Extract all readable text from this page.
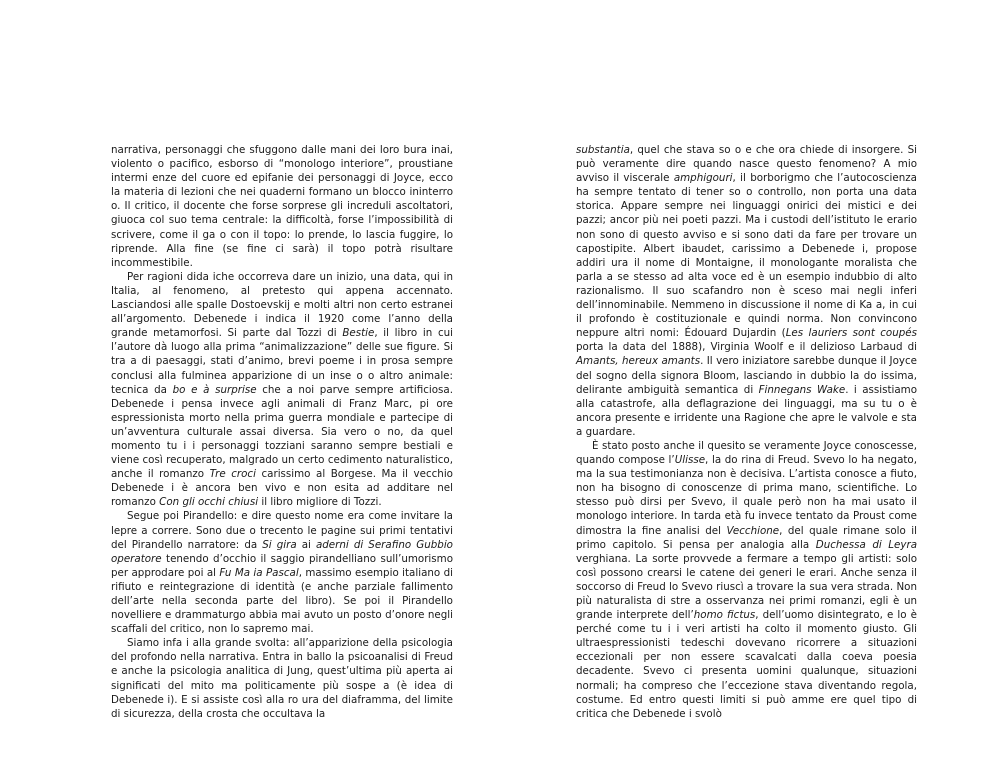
narrativa, personaggi che sfuggono dalle mani dei loro bura inai, violento o pacifico, esborso di “monologo interiore”, proustiane intermi enze del cuore ed epifanie dei personaggi di Joyce, ecco la materia di lezioni che nei quaderni formano un blocco ininterro o. Il critico, il docente che forse sorprese gli increduli ascoltatori, giuoca col suo tema centrale: la difficoltà, forse l’impossibilità di scrivere, come il ga o con il topo: lo prende, lo lascia fuggire, lo riprende. Alla fine (se fine ci sarà) il topo potrà risultare incommestibile.

Per ragioni dida iche occorreva dare un inizio, una data, qui in Italia, al fenomeno, al pretesto qui appena accennato. Lasciandosi alle spalle Dostoevskij e molti altri non certo estranei all’argomento. Debenede i indica il 1920 come l’anno della grande metamorfosi. Si parte dal Tozzi di Bestie, il libro in cui l’autore dà luogo alla prima “animalizzazione” delle sue figure. Si tra a di paesaggi, stati d’animo, brevi poeme i in prosa sempre conclusi alla fulminea apparizione di un inse o o altro animale: tecnica da bo e à surprise che a noi parve sempre artificiosa. Debenede i pensa invece agli animali di Franz Marc, pi ore espressionista morto nella prima guerra mondiale e partecipe di un’avventura culturale assai diversa. Sia vero o no, da quel momento tu i i personaggi tozziani saranno sempre bestiali e viene così recuperato, malgrado un certo cedimento naturalistico, anche il romanzo Tre croci carissimo al Borgese. Ma il vecchio Debenede i è ancora ben vivo e non esita ad additare nel romanzo Con gli occhi chiusi il libro migliore di Tozzi.

Segue poi Pirandello: e dire questo nome era come invitare la lepre a correre. Sono due o trecento le pagine sui primi tentativi del Pirandello narratore: da Si gira ai aderni di Serafino Gubbio operatore tenendo d’occhio il saggio pirandelliano sull’umorismo per approdare poi al Fu Ma ia Pascal, massimo esempio italiano di rifiuto e reintegrazione di identità (e anche parziale fallimento dell’arte nella seconda parte del libro). Se poi il Pirandello novelliere e drammaturgo abbia mai avuto un posto d’onore negli scaffali del critico, non lo sapremo mai.

Siamo infa i alla grande svolta: all’apparizione della psicologia del profondo nella narrativa. Entra in ballo la psicoanalisi di Freud e anche la psicologia analitica di Jung, quest’ultima più aperta ai significati del mito ma politicamente più sospe a (è idea di Debenede i). E si assiste così alla ro ura del diaframma, del limite di sicurezza, della crosta che occultava la

substantia, quel che stava so o e che ora chiede di insorgere. Si può veramente dire quando nasce questo fenomeno? A mio avviso il viscerale amphigouri, il borborigmo che l’autocoscienza ha sempre tentato di tener so o controllo, non porta una data storica. Appare sempre nei linguaggi onirici dei mistici e dei pazzi; ancor più nei poeti pazzi. Ma i custodi dell’istituto le erario non sono di questo avviso e si sono dati da fare per trovare un capostipite. Albert ibaudet, carissimo a Debenede i, propose addiri ura il nome di Montaigne, il monologante moralista che parla a se stesso ad alta voce ed è un esempio indubbio di alto razionalismo. Il suo scafandro non è sceso mai negli inferi dell’innominabile. Nemmeno in discussione il nome di Ka a, in cui il profondo è costituzionale e quindi norma. Non convincono neppure altri nomi: Édouard Dujardin (Les lauriers sont coupés porta la data del 1888), Virginia Woolf e il delizioso Larbaud di Amants, hereux amants. Il vero iniziatore sarebbe dunque il Joyce del sogno della signora Bloom, lasciando in dubbio la do issima, delirante ambiguità semantica di Finnegans Wake. i assistiamo alla catastrofe, alla deflagrazione dei linguaggi, ma su tu o è ancora presente e irridente una Ragione che apre le valvole e sta a guardare.

È stato posto anche il quesito se veramente Joyce conoscesse, quando compose l’Ulisse, la do rina di Freud. Svevo lo ha negato, ma la sua testimonianza non è decisiva. L’artista conosce a fiuto, non ha bisogno di conoscenze di prima mano, scientifiche. Lo stesso può dirsi per Svevo, il quale però non ha mai usato il monologo interiore. In tarda età fu invece tentato da Proust come dimostra la fine analisi del Vecchione, del quale rimane solo il primo capitolo. Si pensa per analogia alla Duchessa di Leyra verghiana. La sorte provvede a fermare a tempo gli artisti: solo così possono crearsi le catene dei generi le erari. Anche senza il soccorso di Freud lo Svevo riuscì a trovare la sua vera strada. Non più naturalista di stre a osservanza nei primi romanzi, egli è un grande interprete dell’homo fictus, dell’uomo disintegrato, e lo è perché come tu i i veri artisti ha colto il momento giusto. Gli ultraespressionisti tedeschi dovevano ricorrere a situazioni eccezionali per non essere scavalcati dalla coeva poesia decadente. Svevo ci presenta uomini qualunque, situazioni normali; ha compreso che l’eccezione stava diventando regola, costume. Ed entro questi limiti si può amme ere quel tipo di critica che Debenede i svolò
